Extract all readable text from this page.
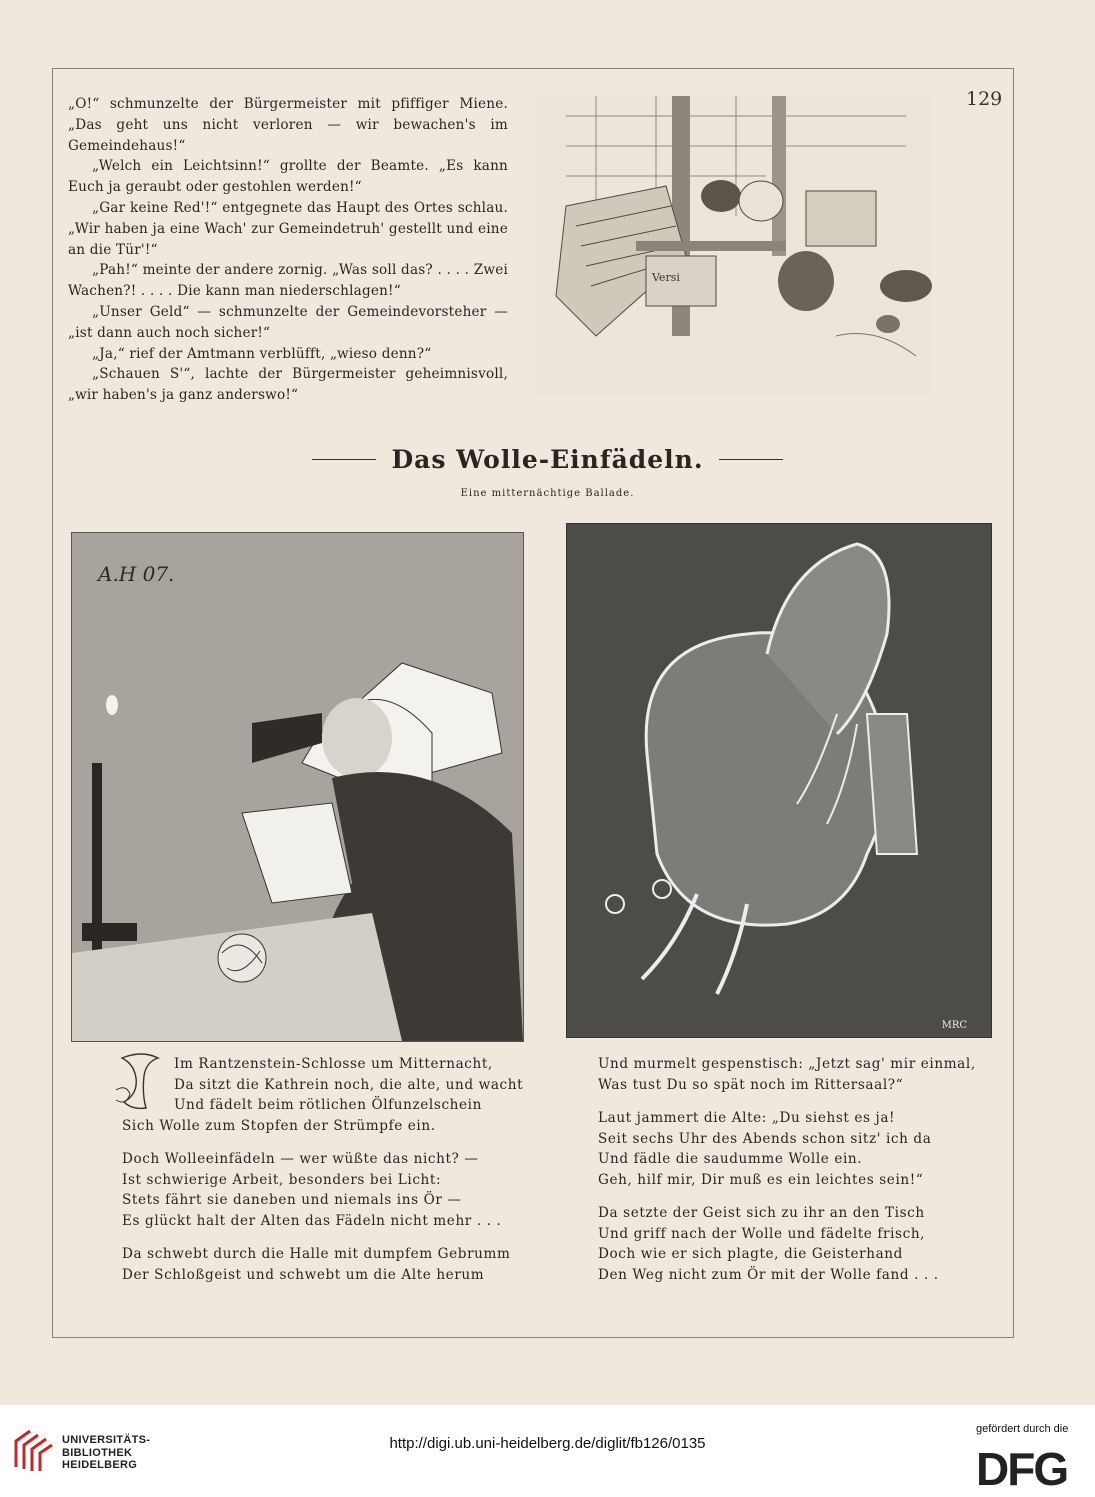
129

„O!“ schmunzelte der Bürgermeister mit pfiffiger Miene. „Das geht uns nicht verloren — wir bewachen's im Gemeindehaus!“

„Welch ein Leichtsinn!“ grollte der Beamte. „Es kann Euch ja geraubt oder gestohlen werden!“

„Gar keine Red'!“ entgegnete das Haupt des Ortes schlau. „Wir haben ja eine Wach' zur Gemeindetruh' gestellt und eine an die Tür'!“

„Pah!“ meinte der andere zornig. „Was soll das? . . . . Zwei Wachen?! . . . . Die kann man niederschlagen!“

„Unser Geld“ — schmunzelte der Gemeindevorsteher — „ist dann auch noch sicher!“

„Ja,“ rief der Amtmann verblüfft, „wieso denn?“

„Schauen S'“, lachte der Bürgermeister geheimnisvoll, „wir haben's ja ganz anderswo!“

Versi
Das Wolle-Einfädeln.
Eine mitternächtige Ballade.
A.H 07.
MRC
Im Rantzenstein-Schlosse um Mitternacht,
Da sitzt die Kathrein noch, die alte, und wacht
Und fädelt beim rötlichen Ölfunzelschein
Sich Wolle zum Stopfen der Strümpfe ein.
Doch Wolleeinfädeln — wer wüßte das nicht? —
Ist schwierige Arbeit, besonders bei Licht:
Stets fährt sie daneben und niemals ins Ör —
Es glückt halt der Alten das Fädeln nicht mehr . . .
Da schwebt durch die Halle mit dumpfem Gebrumm
Der Schloßgeist und schwebt um die Alte herum
Und murmelt gespenstisch: „Jetzt sag' mir einmal,
Was tust Du so spät noch im Rittersaal?“
Laut jammert die Alte: „Du siehst es ja!
Seit sechs Uhr des Abends schon sitz' ich da
Und fädle die saudumme Wolle ein.
Geh, hilf mir, Dir muß es ein leichtes sein!“
Da setzte der Geist sich zu ihr an den Tisch
Und griff nach der Wolle und fädelte frisch,
Doch wie er sich plagte, die Geisterhand
Den Weg nicht zum Ör mit der Wolle fand . . .
UNIVERSITÄTS-
BIBLIOTHEK
HEIDELBERG
http://digi.ub.uni-heidelberg.de/diglit/fb126/0135
gefördert durch die
DFG
